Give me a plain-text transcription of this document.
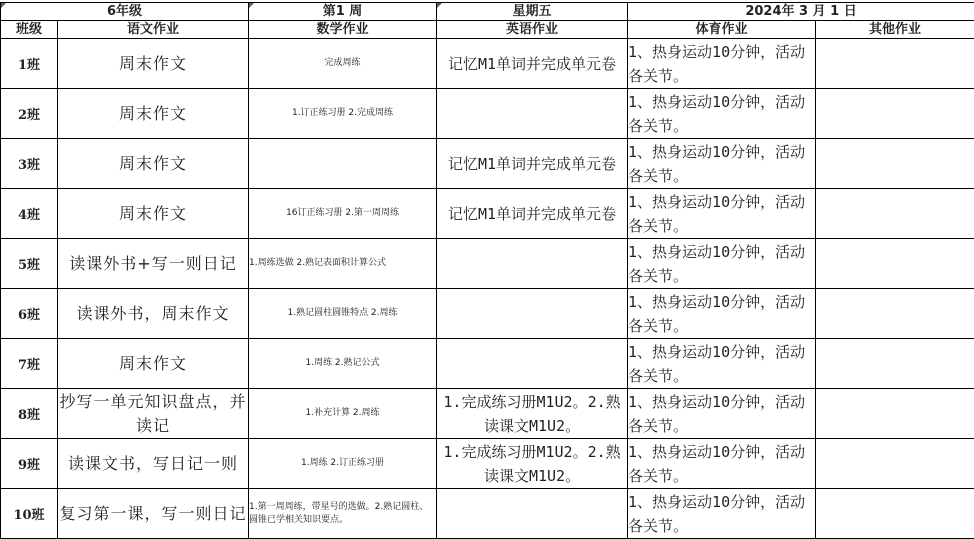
6年级		第1 周	星期五	2024年 3 月 1 日	
班级	语文作业	数学作业	英语作业	体育作业	其他作业
1班	周末作文	完成周练	记忆M1单词并完成单元卷	1、热身运动10分钟，活动各关节。	
2班	周末作文	1.订正练习册 2.完成周练		1、热身运动10分钟，活动各关节。	
3班	周末作文		记忆M1单词并完成单元卷	1、热身运动10分钟，活动各关节。	
4班	周末作文	16订正练习册 2.第一周周练	记忆M1单词并完成单元卷	1、热身运动10分钟，活动各关节。	
5班	读课外书+写一则日记	1.周练选做 2.熟记表面积计算公式		1、热身运动10分钟，活动各关节。	
6班	读课外书，周末作文	1.熟记圆柱圆锥特点 2.周练		1、热身运动10分钟，活动各关节。	
7班	周末作文	1.周练 2.熟记公式		1、热身运动10分钟，活动各关节。	
8班	抄写一单元知识盘点，并读记	1.补充计算 2.周练	1.完成练习册M1U2。2.熟读课文M1U2。	1、热身运动10分钟，活动各关节。	
9班	读课文书，写日记一则	1.周练 2.订正练习册	1.完成练习册M1U2。2.熟读课文M1U2。	1、热身运动10分钟，活动各关节。	
10班	复习第一课，写一则日记	1.第一周周练，带星号的选做。2.熟记圆柱、圆锥已学相关知识要点。		1、热身运动10分钟，活动各关节。	
